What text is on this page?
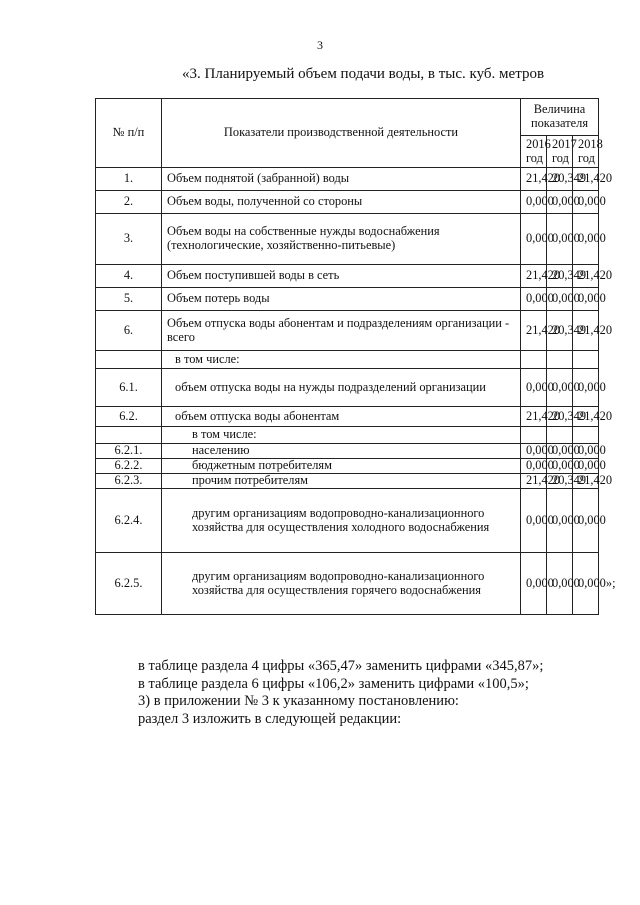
3
«3. Планируемый объем подачи воды, в тыс. куб. метров
№ п/п	Показатели производственной деятельности	Величина показателя		
		2016 год	2017 год	2018 год
1.	Объем поднятой (забранной) воды	21,420	20,349	21,420
2.	Объем воды, полученной со стороны	0,000	0,000	0,000
3.	Объем воды на собственные нужды водоснабжения (технологические, хозяйственно-питьевые)	0,000	0,000	0,000
4.	Объем поступившей воды в сеть	21,420	20,349	21,420
5.	Объем потерь воды	0,000	0,000	0,000
6.	Объем отпуска воды абонентам и подразделениям организации - всего	21,420	20,349	21,420
	в том числе:			
6.1.	объем отпуска воды на нужды подразделений организации	0,000	0,000	0,000
6.2.	объем отпуска воды абонентам	21,420	20,349	21,420
	в том числе:			
6.2.1.	населению	0,000	0,000	0,000
6.2.2.	бюджетным потребителям	0,000	0,000	0,000
6.2.3.	прочим потребителям	21,420	20,349	21,420
6.2.4.	другим организациям водопроводно-канализационного хозяйства для осуществления холодного водоснабжения	0,000	0,000	0,000
6.2.5.	другим организациям водопроводно-канализационного хозяйства для осуществления горячего водоснабжения	0,000	0,000	0,000»;
в таблице раздела 4 цифры «365,47» заменить цифрами «345,87»;
в таблице раздела 6 цифры «106,2» заменить цифрами «100,5»;
3) в приложении № 3 к указанному постановлению:
раздел 3 изложить в следующей редакции:
